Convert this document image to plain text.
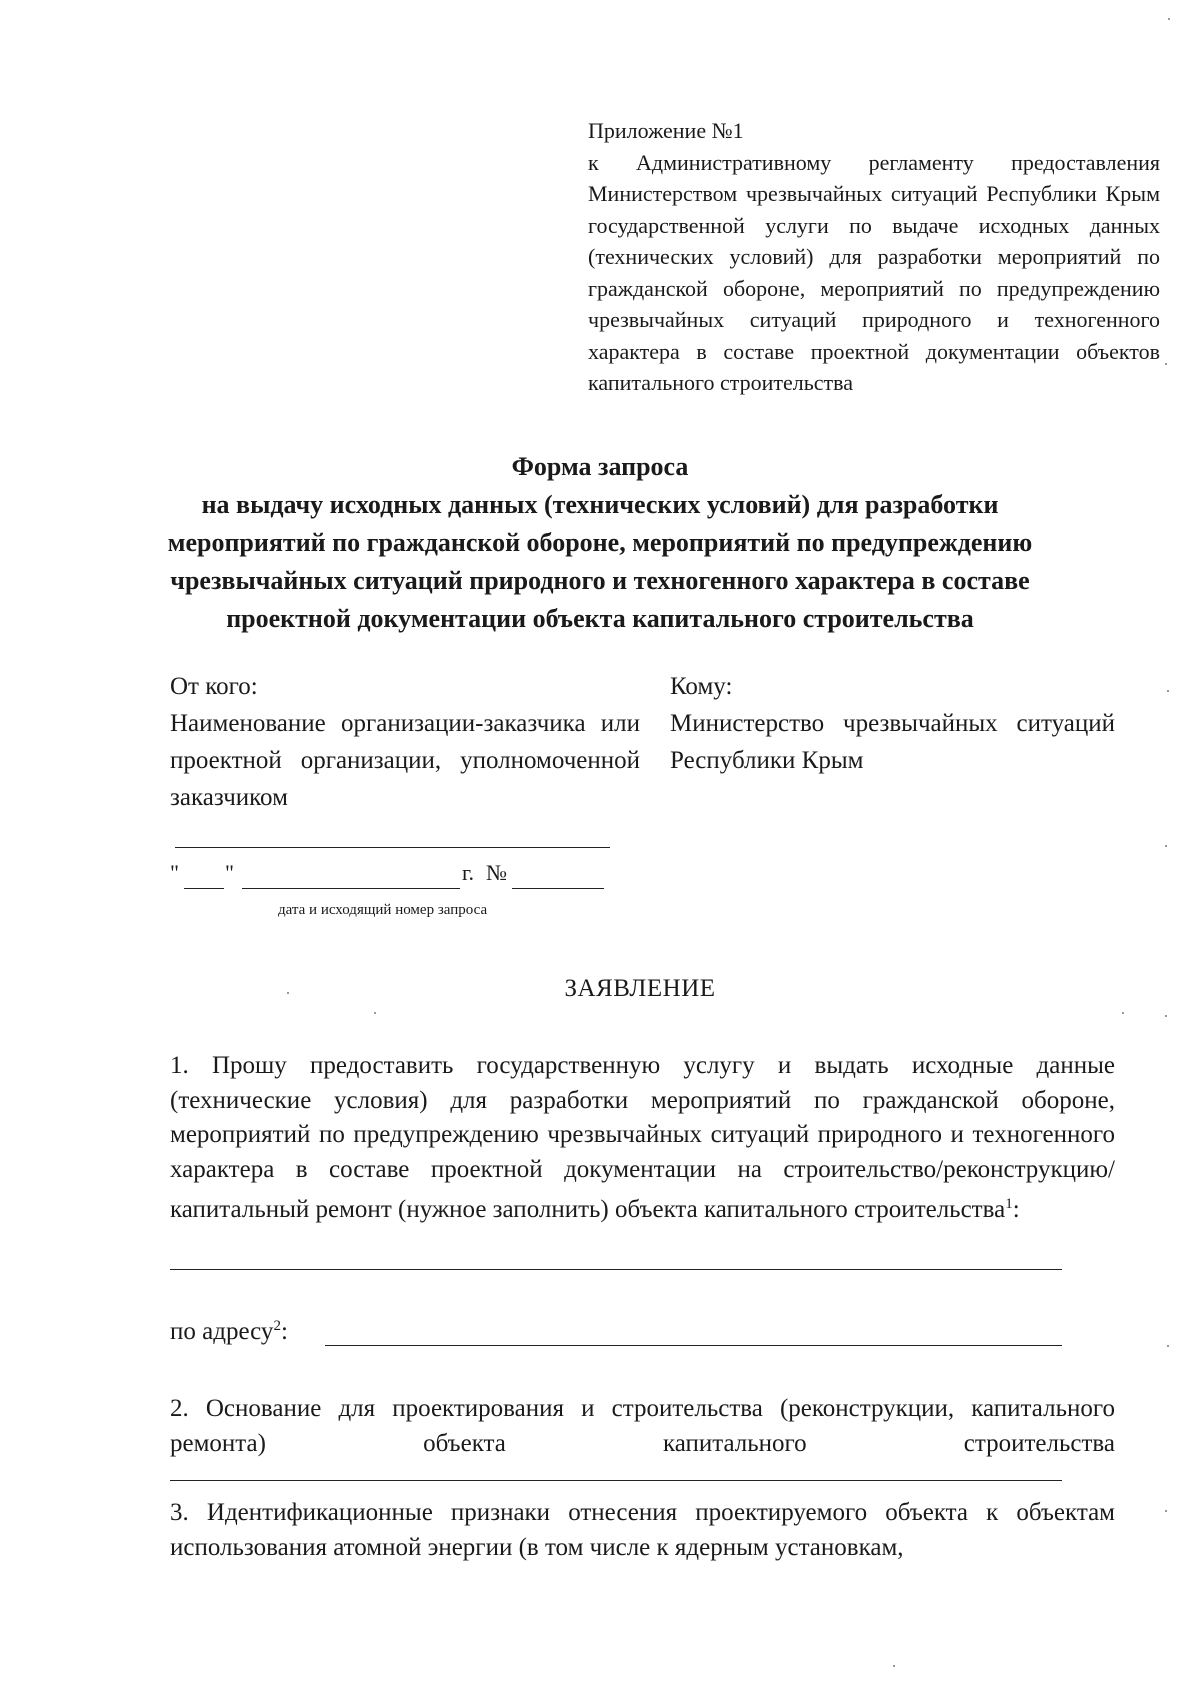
Приложение №1
к Административному регламенту предоставления Министерством чрезвычайных ситуаций Республики Крым государственной услуги по выдаче исходных данных (технических условий) для разработки мероприятий по гражданской обороне, мероприятий по предупреждению чрезвычайных ситуаций природного и техногенного характера в составе проектной документации объектов капитального строительства
Форма запроса
на выдачу исходных данных (технических условий) для разработки
мероприятий по гражданской обороне, мероприятий по предупреждению
чрезвычайных ситуаций природного и техногенного характера в составе
проектной документации объекта капитального строительства
От кого:
Наименование организации-заказчика или проектной организации, уполномоченной заказчиком
Кому:
Министерство чрезвычайных ситуаций Республики Крым
" "	г. №
дата и исходящий номер запроса
ЗАЯВЛЕНИЕ
1. Прошу предоставить государственную услугу и выдать исходные данные (технические условия) для разработки мероприятий по гражданской обороне, мероприятий по предупреждению чрезвычайных ситуаций природного и техногенного характера в составе проектной документации на строительство/реконструкцию/капитальный ремонт (нужное заполнить) объекта капитального строительства$^1$:
по адресу$^2$:
2. Основание для проектирования и строительства (реконструкции, капитального ремонта) объекта капитального строительства
3. Идентификационные признаки отнесения проектируемого объекта к объектам использования атомной энергии (в том числе к ядерным установкам,
